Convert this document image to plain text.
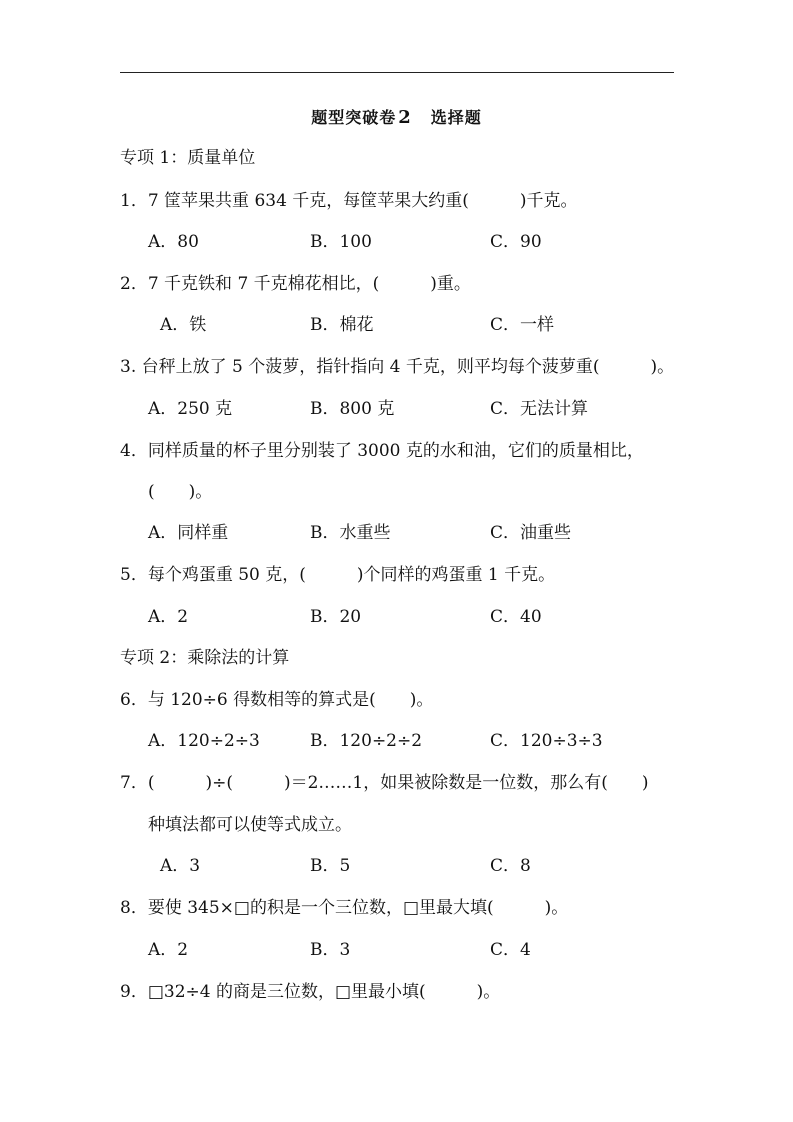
题型突破卷 2　 选择题
专项 1：质量单位
1．7 筐苹果共重 634 千克，每筐苹果大约重(　　　)千克。
A．80	B．100	C．90
2．7 千克铁和 7 千克棉花相比，(　　　)重。
A．铁	B．棉花	C．一样
3. 台秤上放了 5 个菠萝，指针指向 4 千克，则平均每个菠萝重(　　　)。
A．250 克	B．800 克	C．无法计算
4．同样质量的杯子里分别装了 3000 克的水和油，它们的质量相比，
(　　)。
A．同样重	B．水重些	C．油重些
5．每个鸡蛋重 50 克，(　　　)个同样的鸡蛋重 1 千克。
A．2	B．20	C．40
专项 2：乘除法的计算
6．与 120÷6 得数相等的算式是(　　)。
A．120÷2÷3	B．120÷2÷2	C．120÷3÷3
7．(　　　)÷(　　　)＝2……1，如果被除数是一位数，那么有(　　)
种填法都可以使等式成立。
A．3	B．5	C．8
8．要使 345×□的积是一个三位数，□里最大填(　　　)。
A．2	B．3	C．4
9．□32÷4 的商是三位数，□里最小填(　　　)。
